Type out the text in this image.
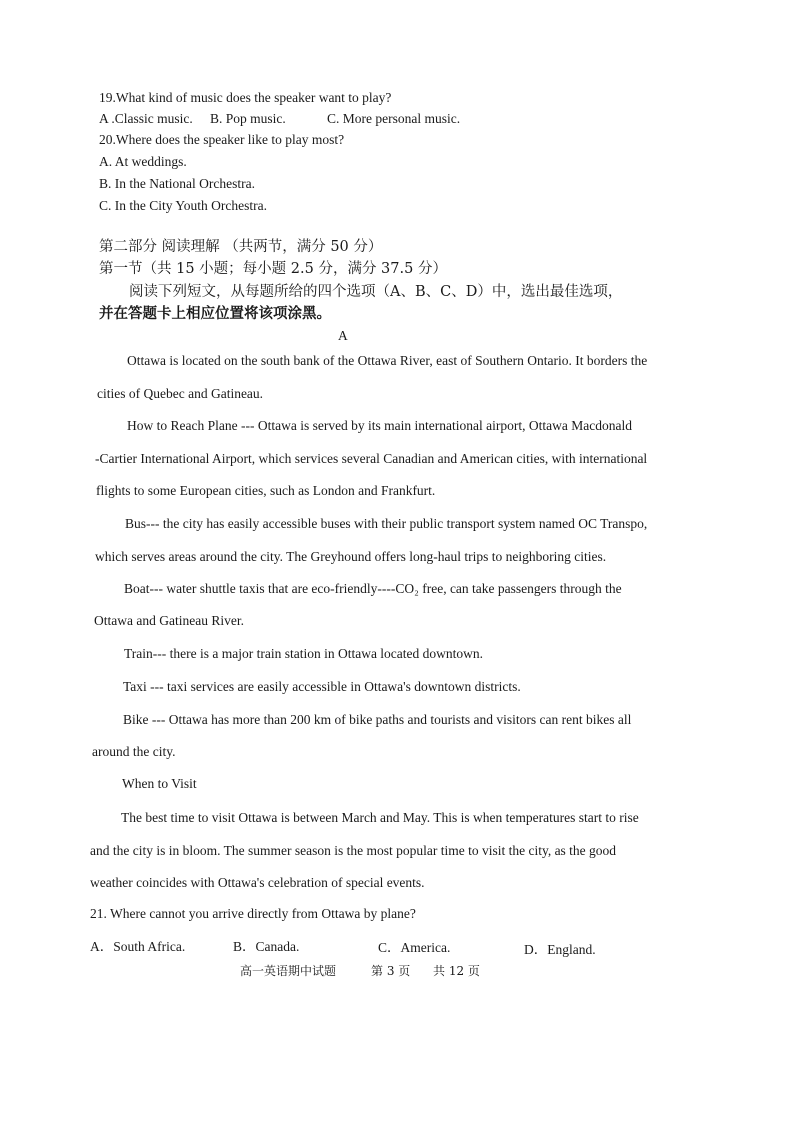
19.What kind of music does the speaker want to play?
A .Classic music. B. Pop music.	C. More personal music.
20.Where does the speaker like to play most?
A. At weddings.
B. In the National Orchestra.
C. In the City Youth Orchestra.
第二部分 阅读理解 （共两节，满分 50 分）
第一节（共 15 小题；每小题 2.5 分，满分 37.5 分）
阅读下列短文，从每题所给的四个选项（A、B、C、D）中，选出最佳选项，
并在答题卡上相应位置将该项涂黑。
A
Ottawa is located on the south bank of the Ottawa River, east of Southern Ontario. It borders the
cities of Quebec and Gatineau.
How to Reach Plane --- Ottawa is served by its main international airport, Ottawa Macdonald
-Cartier International Airport, which services several Canadian and American cities, with international
flights to some European cities, such as London and Frankfurt.
Bus--- the city has easily accessible buses with their public transport system named OC Transpo,
which serves areas around the city. The Greyhound offers long-haul trips to neighboring cities.
Boat--- water shuttle taxis that are eco-friendly----CO₂ free, can take passengers through the
Ottawa and Gatineau River.
Train--- there is a major train station in Ottawa located downtown.
Taxi --- taxi services are easily accessible in Ottawa's downtown districts.
Bike --- Ottawa has more than 200 km of bike paths and tourists and visitors can rent bikes all
around the city.
When to Visit
The best time to visit Ottawa is between March and May. This is when temperatures start to rise
and the city is in bloom. The summer season is the most popular time to visit the city, as the good
weather coincides with Ottawa's celebration of special events.
21. Where cannot you arrive directly from Ottawa by plane?
A．South Africa.	B．Canada.	C．America.	D．England.
高一英语期中试题	第 3 页 共 12 页
